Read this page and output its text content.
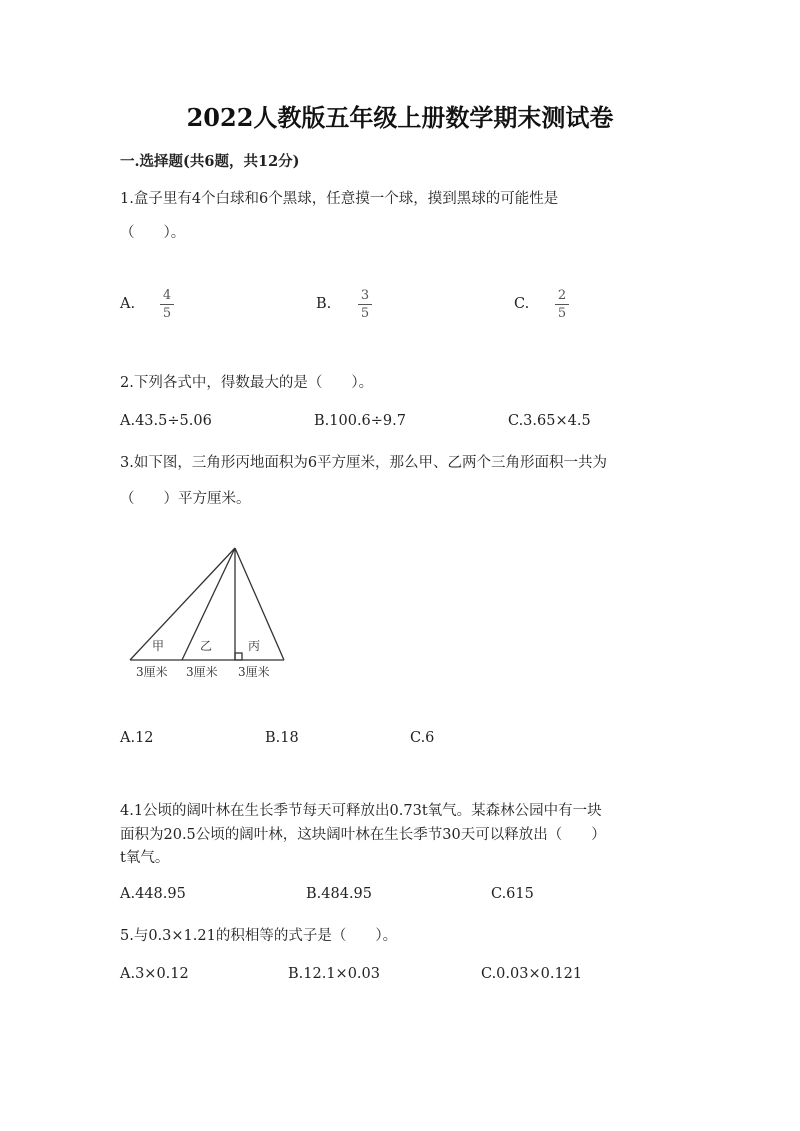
2022人教版五年级上册数学期末测试卷
一.选择题(共6题，共12分)
1.盒子里有4个白球和6个黑球，任意摸一个球，摸到黑球的可能性是
（　　）。
A.
4
5
B.
3
5
C.
2
5
2.下列各式中，得数最大的是（　　）。
A.43.5÷5.06	B.100.6÷9.7	C.3.65×4.5
3.如下图，三角形丙地面积为6平方厘米，那么甲、乙两个三角形面积一共为
（　　）平方厘米。
甲	乙	丙
3厘米 3厘米 3厘米
A.12	B.18	C.6
4.1公顷的阔叶林在生长季节每天可释放出0.73t氧气。某森林公园中有一块
面积为20.5公顷的阔叶林，这块阔叶林在生长季节30天可以释放出（　　）
t氧气。
A.448.95	B.484.95	C.615
5.与0.3×1.21的积相等的式子是（　　）。
A.3×0.12	B.12.1×0.03	C.0.03×0.121
